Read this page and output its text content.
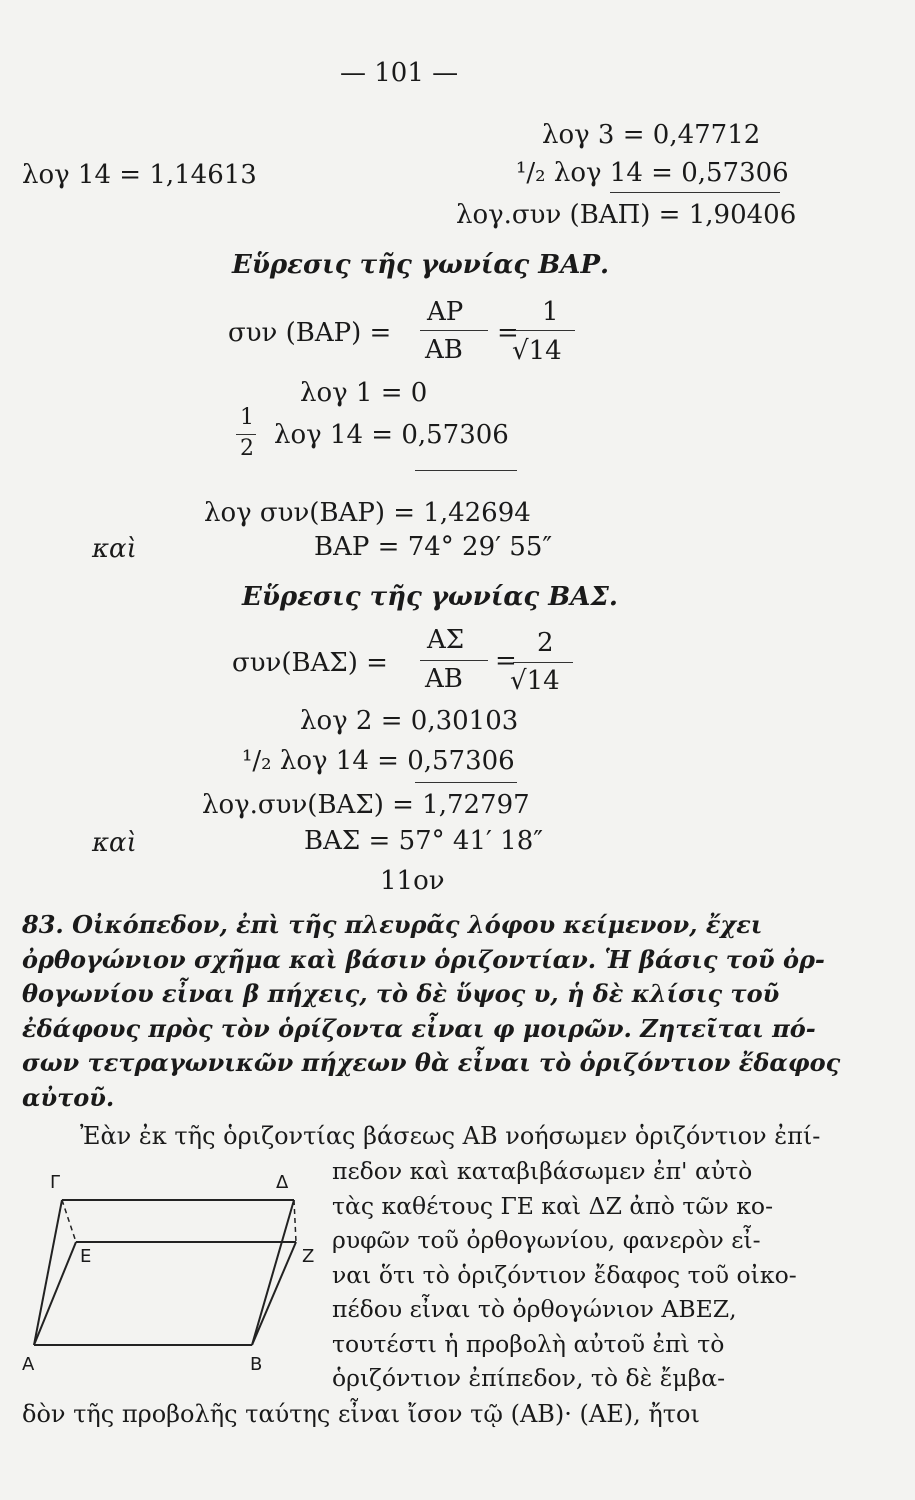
— 101 —
λογ 14 = 1,14613
λογ 3 = 0,47712
¹/₂ λογ 14 = 0,57306
λογ.συν (ΒΑΠ) = 1,90406
Εὕρεσις τῆς γωνίας ΒΑΡ.
συν (ΒΑΡ) =
ΑΡ
ΑΒ
=
1
√14
λογ 1 = 0
1
2 λογ 14 = 0,57306
λογ συν(ΒΑΡ) = 1,42694
καὶ	ΒΑΡ = 74° 29′ 55″
Εὕρεσις τῆς γωνίας ΒΑΣ.
συν(ΒΑΣ) =
ΑΣ
ΑΒ
=
2
√14
λογ 2 = 0,30103
¹/₂ λογ 14 = 0,57306
λογ.συν(ΒΑΣ) = 1,72797
καὶ	ΒΑΣ = 57° 41′ 18″
11ον
83. Οἰκόπεδον, ἐπὶ τῆς πλευρᾶς λόφου κείμενον, ἔχει
ὀρθογώνιον σχῆμα καὶ βάσιν ὁριζοντίαν. Ἡ βάσις τοῦ ὀρ-
θογωνίου εἶναι β πήχεις, τὸ δὲ ὕψος υ, ἡ δὲ κλίσις τοῦ
ἐδάφους πρὸς τὸν ὁρίζοντα εἶναι φ μοιρῶν. Ζητεῖται πό-
σων τετραγωνικῶν πήχεων θὰ εἶναι τὸ ὁριζόντιον ἔδαφος
αὐτοῦ.
Ἐὰν ἐκ τῆς ὁριζοντίας βάσεως ΑΒ νοήσωμεν ὁριζόντιον ἐπί-
πεδον καὶ καταβιβάσωμεν ἐπ' αὐτὸ
τὰς καθέτους ΓΕ καὶ ΔΖ ἀπὸ τῶν κο-
ρυφῶν τοῦ ὀρθογωνίου, φανερὸν εἶ-
ναι ὅτι τὸ ὁριζόντιον ἔδαφος τοῦ οἰκο-
πέδου εἶναι τὸ ὀρθογώνιον ΑΒΕΖ,
τουτέστι ἡ προβολὴ αὐτοῦ ἐπὶ τὸ
ὁριζόντιον ἐπίπεδον, τὸ δὲ ἔμβα-
δὸν τῆς προβολῆς ταύτης εἶναι ἴσον τῷ (ΑΒ)· (ΑΕ), ἤτοι
Γ	Δ
Ε	Ζ
Α	Β
